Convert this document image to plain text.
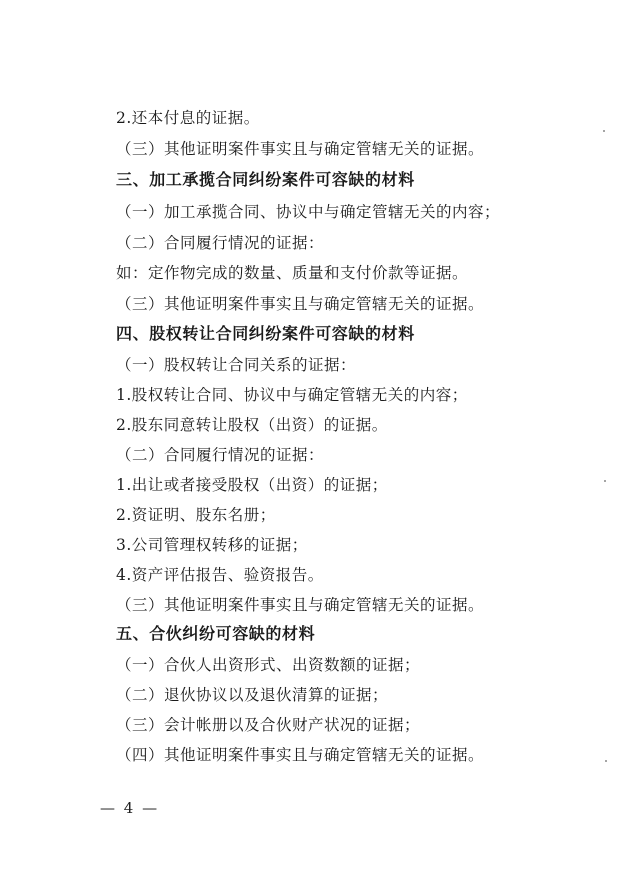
2.还本付息的证据。
（三）其他证明案件事实且与确定管辖无关的证据。
三、加工承揽合同纠纷案件可容缺的材料
（一）加工承揽合同、协议中与确定管辖无关的内容；
（二）合同履行情况的证据：
如：定作物完成的数量、质量和支付价款等证据。
（三）其他证明案件事实且与确定管辖无关的证据。
四、股权转让合同纠纷案件可容缺的材料
（一）股权转让合同关系的证据：
1.股权转让合同、协议中与确定管辖无关的内容；
2.股东同意转让股权（出资）的证据。
（二）合同履行情况的证据：
1.出让或者接受股权（出资）的证据；
2.资证明、股东名册；
3.公司管理权转移的证据；
4.资产评估报告、验资报告。
（三）其他证明案件事实且与确定管辖无关的证据。
五、合伙纠纷可容缺的材料
（一）合伙人出资形式、出资数额的证据；
（二）退伙协议以及退伙清算的证据；
（三）会计帐册以及合伙财产状况的证据；
（四）其他证明案件事实且与确定管辖无关的证据。
— 4 —
